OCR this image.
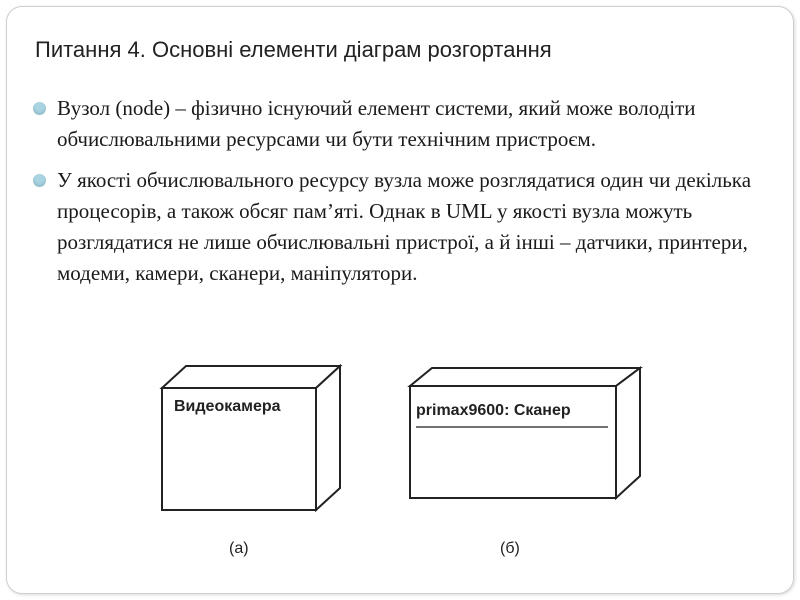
Питання 4. Основні елементи діаграм розгортання
Вузол (node) – фізично існуючий елемент системи, який може володіти обчислювальними ресурсами чи бути технічним пристроєм.
У якості обчислювального ресурсу вузла може розглядатися один чи декілька процесорів, а також обсяг пам’яті. Однак в UML у якості вузла можуть розглядатися не лише обчислювальні пристрої, а й інші – датчики, принтери, модеми, камери, сканери, маніпулятори.
Видеокамера
(а)
primax9600: Сканер
(б)
